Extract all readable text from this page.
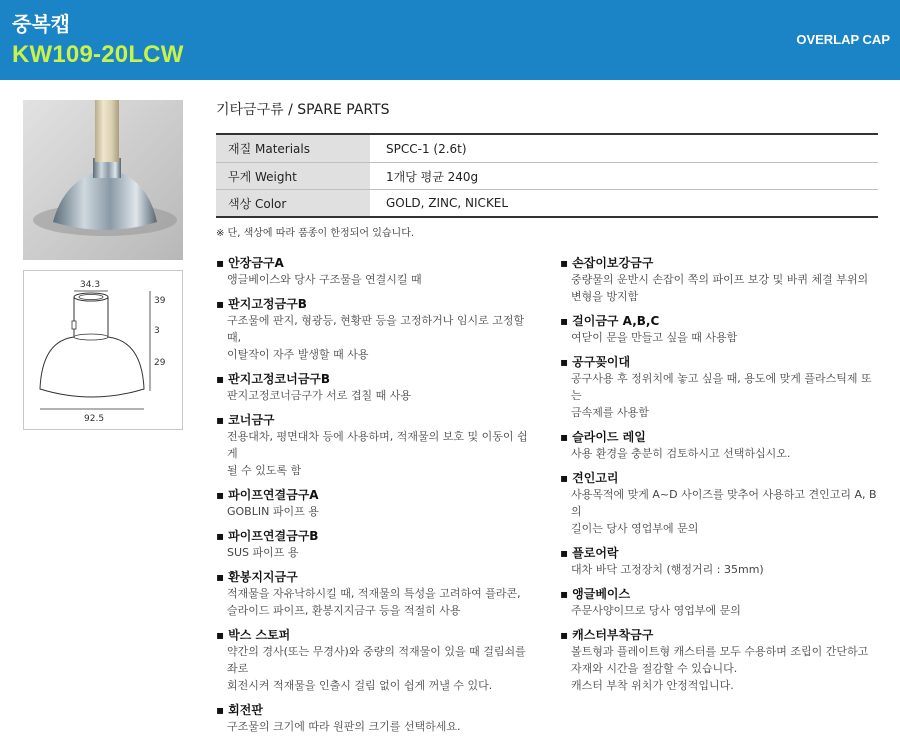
중복캡
KW109-20LCW
OVERLAP CAP
34.3
39
3
29
92.5
기타금구류 / SPARE PARTS
재질 Materials	SPCC-1 (2.6t)
무게 Weight	1개당 평균 240g
색상 Color	GOLD, ZINC, NICKEL
※ 단, 색상에 따라 품종이 한정되어 있습니다.
▪ 안장금구A
앵글베이스와 당사 구조물을 연결시킬 때
▪ 판지고정금구B
구조물에 판지, 형광등, 현황판 등을 고정하거나 임시로 고정할 때,
이탈작이 자주 발생할 때 사용
▪ 판지고정코너금구B
판지고정코너금구가 서로 겹칠 때 사용
▪ 코너금구
전용대차, 평면대차 등에 사용하며, 적재물의 보호 및 이동이 쉽게
될 수 있도록 함
▪ 파이프연결금구A
GOBLIN 파이프 용
▪ 파이프연결금구B
SUS 파이프 용
▪ 환봉지지금구
적재물을 자유낙하시킬 때, 적재물의 특성을 고려하여 플라콘,
슬라이드 파이프, 환봉지지금구 등을 적절히 사용
▪ 박스 스토퍼
약간의 경사(또는 무경사)와 중량의 적재물이 있을 때 걸림쇠를 좌로
회전시켜 적재물을 인출시 걸림 없이 쉽게 꺼낼 수 있다.
▪ 회전판
구조물의 크기에 따라 원판의 크기를 선택하세요.
▪ 손잡이보강금구
중량물의 운반시 손잡이 쪽의 파이프 보강 및 바퀴 체결 부위의
변형을 방지함
▪ 걸이금구 A,B,C
여닫이 문을 만들고 싶을 때 사용함
▪ 공구꽂이대
공구사용 후 정위치에 놓고 싶을 때, 용도에 맞게 플라스틱제 또는
금속제를 사용함
▪ 슬라이드 레일
사용 환경을 충분히 검토하시고 선택하십시오.
▪ 견인고리
사용목적에 맞게 A~D 사이즈를 맞추어 사용하고 견인고리 A, B의
길이는 당사 영업부에 문의
▪ 플로어락
대차 바닥 고정장치 (행정거리 : 35mm)
▪ 앵글베이스
주문사양이므로 당사 영업부에 문의
▪ 캐스터부착금구
볼트형과 플레이트형 캐스터를 모두 수용하며 조립이 간단하고
자재와 시간을 절감할 수 있습니다.
캐스터 부착 위치가 안정적입니다.
